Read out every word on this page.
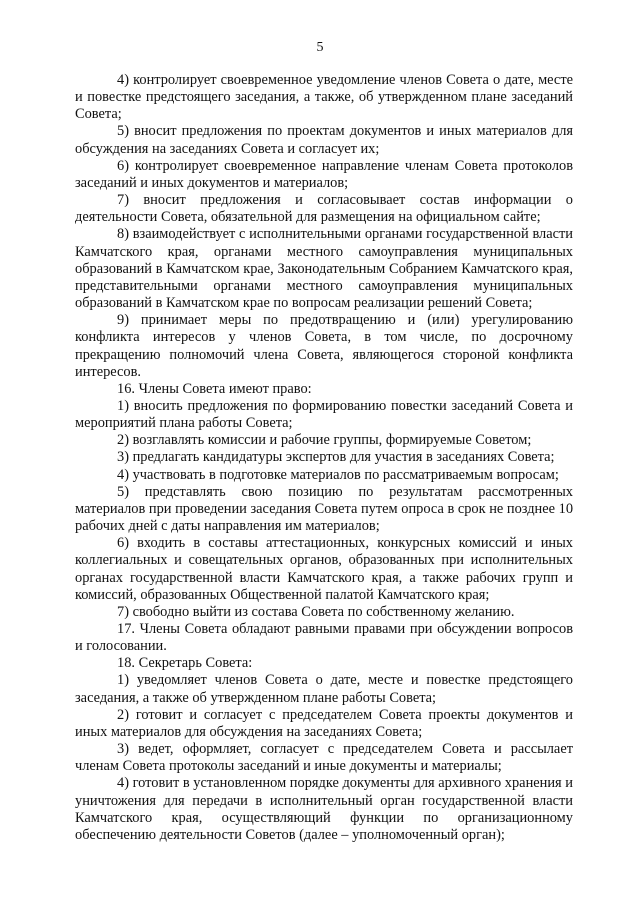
5

4) контролирует своевременное уведомление членов Совета о дате, месте и повестке предстоящего заседания, а также, об утвержденном плане заседаний Совета;

5) вносит предложения по проектам документов и иных материалов для обсуждения на заседаниях Совета и согласует их;

6) контролирует своевременное направление членам Совета протоколов заседаний и иных документов и материалов;

7) вносит предложения и согласовывает состав информации о деятельности Совета, обязательной для размещения на официальном сайте;

8) взаимодействует с исполнительными органами государственной власти Камчатского края, органами местного самоуправления муниципальных образований в Камчатском крае, Законодательным Собранием Камчатского края, представительными органами местного самоуправления муниципальных образований в Камчатском крае по вопросам реализации решений Совета;

9) принимает меры по предотвращению и (или) урегулированию конфликта интересов у членов Совета, в том числе, по досрочному прекращению полномочий члена Совета, являющегося стороной конфликта интересов.

16. Члены Совета имеют право:

1) вносить предложения по формированию повестки заседаний Совета и мероприятий плана работы Совета;

2) возглавлять комиссии и рабочие группы, формируемые Советом;

3) предлагать кандидатуры экспертов для участия в заседаниях Совета;

4) участвовать в подготовке материалов по рассматриваемым вопросам;

5) представлять свою позицию по результатам рассмотренных материалов при проведении заседания Совета путем опроса в срок не позднее 10 рабочих дней с даты направления им материалов;

6) входить в составы аттестационных, конкурсных комиссий и иных коллегиальных и совещательных органов, образованных при исполнительных органах государственной власти Камчатского края, а также рабочих групп и комиссий, образованных Общественной палатой Камчатского края;

7) свободно выйти из состава Совета по собственному желанию.

17. Члены Совета обладают равными правами при обсуждении вопросов и голосовании.

18. Секретарь Совета:

1) уведомляет членов Совета о дате, месте и повестке предстоящего заседания, а также об утвержденном плане работы Совета;

2) готовит и согласует с председателем Совета проекты документов и иных материалов для обсуждения на заседаниях Совета;

3) ведет, оформляет, согласует с председателем Совета и рассылает членам Совета протоколы заседаний и иные документы и материалы;

4) готовит в установленном порядке документы для архивного хранения и уничтожения для передачи в исполнительный орган государственной власти Камчатского края, осуществляющий функции по организационному обеспечению деятельности Советов (далее – уполномоченный орган);
